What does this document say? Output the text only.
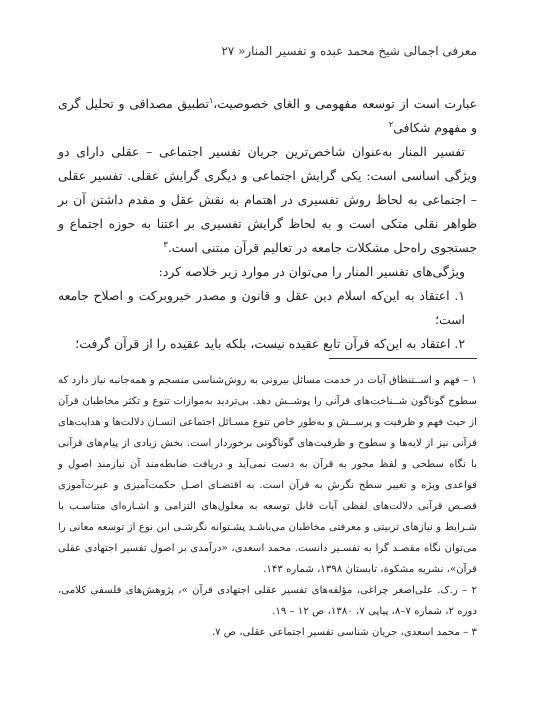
معرفی اجمالی شیخ محمد عبده و تفسیر المنار« ۲۷

عبارت است از توسعه مفهومی و الغای خصوصیت،$^۱$تطبیق مصداقی و تحلیل گری و مفهوم شکافی$^۲$

تفسیر المنار به‌عنوان شاخص‌ترین جریان تفسیر اجتماعی – عقلی دارای دو ویژگی اساسی است: یکی گرایش اجتماعی و دیگری گرایش عقلی. تفسیر عقلی – اجتماعی به لحاظ روش تفسیری در اهتمام به نقش عقل و مقدم داشتن آن بر ظواهر نقلی متکی است و به لحاظ گرایش تفسیری بر اعتنا به حوزه اجتماع و جستجوی راه‌حل مشکلات جامعه در تعالیم قرآن مبتنی است.$^۳$

ویژگی‌های تفسیر المنار را می‌توان در موارد زیر خلاصه کرد:

۱. اعتقاد به این‌که اسلام دین عقل و قانون و مصدر خیروبرکت و اصلاح جامعه است؛

۲. اعتقاد به این‌که قرآن تابع عقیده نیست، بلکه باید عقیده را از قرآن گرفت؛

۱ – فهم و اســتنطاق آیات در خدمت مسائل بیرونی به روش‌شناسی منسجم و همه‌جانبه نیاز دارد که سطوح گوناگون شــناخت‌های قرآنی را پوشــش دهد. بی‌تردید به‌موازات تنوع و تکثر مخاطبان قرآن از حیث فهم و ظرفیت و پرســش و به‌طور خاص تنوع مسـائل اجتماعی انسـان دلالت‌ها و هدایت‌های قرآنی نیز از لایه‌ها و سطوح و ظرفیت‌های گوناگونی برخوردار است. بخش زیادی از پیام‌های قرآنی با نگاه سطحی و لفظ محور به قرآن به دست نمی‌آید و دریافت ضابطه‌مند آن نیازمند اصول و قواعدی ویژه و تغییر سطح نگرش به قرآن است. به اقتضـای اصـل حکمت‌آمیزی و عبرت‌آموزی قصـص قرآنی دلالت‌های لفظی آیات قابل توسعه به معلول‌های التزامی و اشـاره‌ای متناسـب با شـرایط و نیازهای تربیتی و معرفتی مخاطبان می‌باشـد پشـتوانه نگرشـی این نوع از توسعه معانی را می‌توان نگاه مقصـد گرا به تفسـیر دانست. محمد اسعدی، «درآمدی بر اصول تفسیر اجتهادی عقلی قرآن»، نشریه مشکوة، تابستان ۱۳۹۸، شماره ۱۴۳.

۲ – ر.ک. علی‌اصغر چراغی، مؤلفه‌های تفسیر عقلی اجتهادی قرآن »، پژوهش‌های فلسفی کلامی، دوره ۲، شماره ۷–۸، پیاپی ۷، ۱۳۸۰، ص ۱۲ – ۱۹.

۳ – محمد اسعدی، جریان شناسی تفسیر اجتماعی عقلی، ص ۷.
